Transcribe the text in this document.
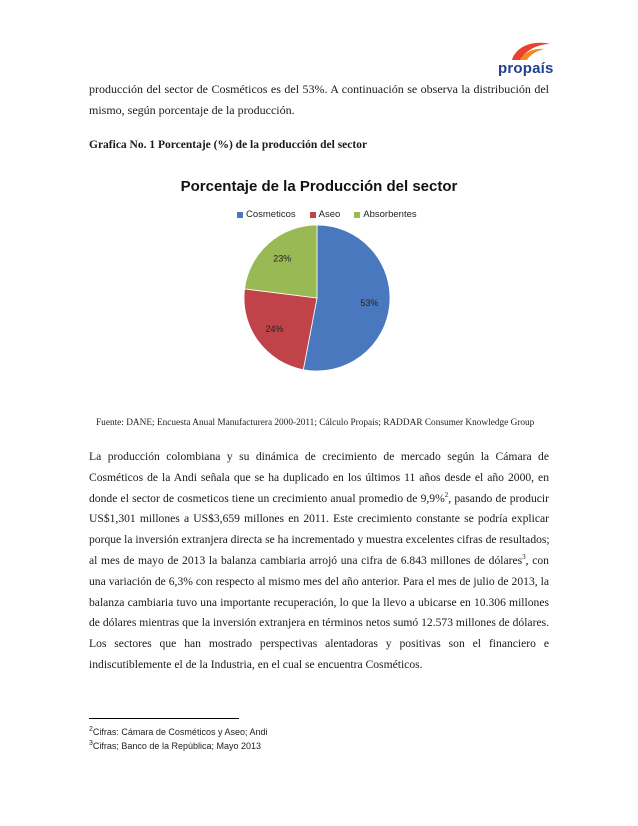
propaís
producción del sector de Cosméticos es del 53%. A continuación se observa la distribución del
mismo, según porcentaje de la producción.
Grafica No. 1 Porcentaje (%) de la producción del sector
Porcentaje de la Producción del sector
Cosmeticos Aseo Absorbentes
53%
24%
23%
Fuente: DANE; Encuesta Anual Manufacturera 2000-2011; Cálculo Propaís; RADDAR Consumer Knowledge Group
La producción colombiana y su dinámica de crecimiento de mercado según la Cámara de
Cosméticos de la Andi señala que se ha duplicado en los últimos 11 años desde el año 2000, en
donde el sector de cosmeticos tiene un crecimiento anual promedio de 9,9%$^2$, pasando de producir
US$1,301 millones a US$3,659 millones en 2011. Este crecimiento constante se podría explicar
porque la inversión extranjera directa se ha incrementado y muestra excelentes cifras de resultados;
al mes de mayo de 2013 la balanza cambiaria arrojó una cifra de 6.843 millones de dólares$^3$, con
una variación de 6,3% con respecto al mismo mes del año anterior. Para el mes de julio de 2013, la
balanza cambiaria tuvo una importante recuperación, lo que la llevo a ubicarse en 10.306 millones
de dólares mientras que la inversión extranjera en términos netos sumó 12.573 millones de dólares.
Los sectores que han mostrado perspectivas alentadoras y positivas son el financiero e
indiscutiblemente el de la Industria, en el cual se encuentra Cosméticos.
$^2$Cifras: Cámara de Cosméticos y Aseo; Andi
$^3$Cifras; Banco de la República; Mayo 2013
